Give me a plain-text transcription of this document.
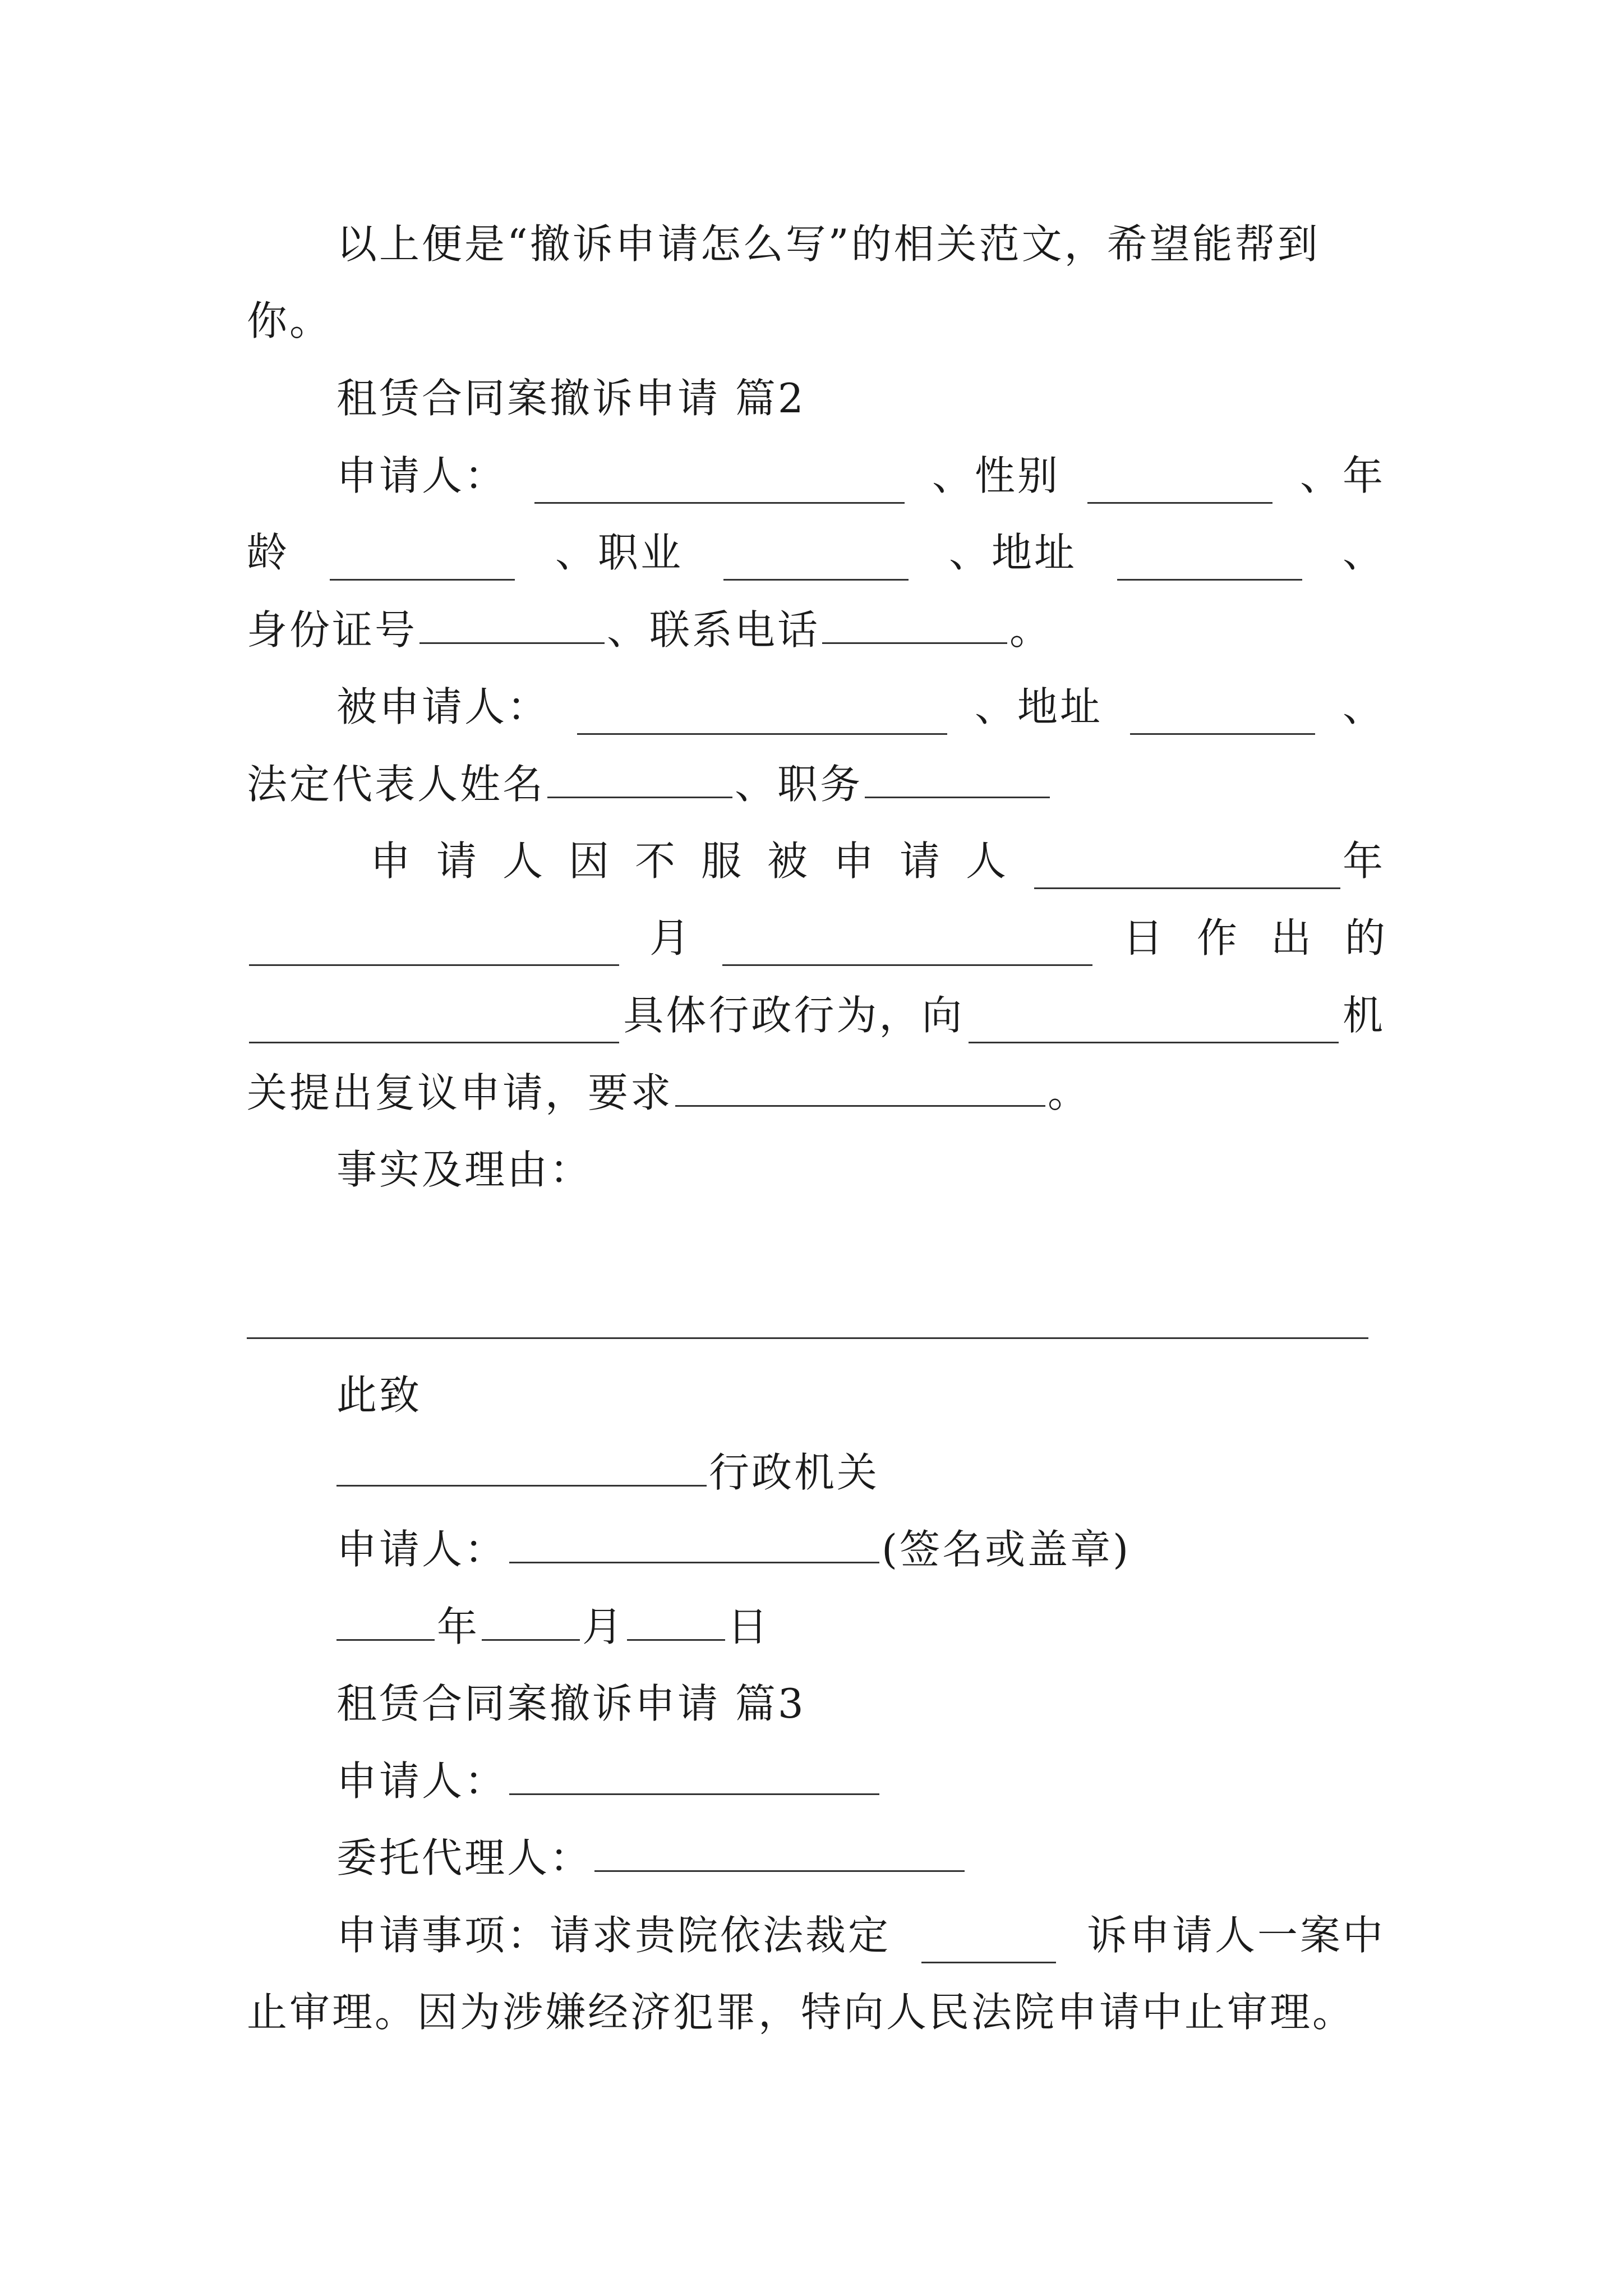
以上便是“撤诉申请怎么写”的相关范文，希望能帮到
你。
租赁合同案撤诉申请 篇2
申请人：	、性别	、年
龄	、职业	、地址	、
身份证号	、联系电话	。
被申请人：	、地址	、
法定代表人姓名	、职务
申请人因不服被申请人	年
月	日作出的
具体行政行为，向	机
关提出复议申请，要求	。
事实及理由：
此致
行政机关
申请人：	(签名或盖章)
年	月	日
租赁合同案撤诉申请 篇3
申请人：
委托代理人：
申请事项：请求贵院依法裁定	诉申请人一案中
止审理。因为涉嫌经济犯罪，特向人民法院申请中止审理。
